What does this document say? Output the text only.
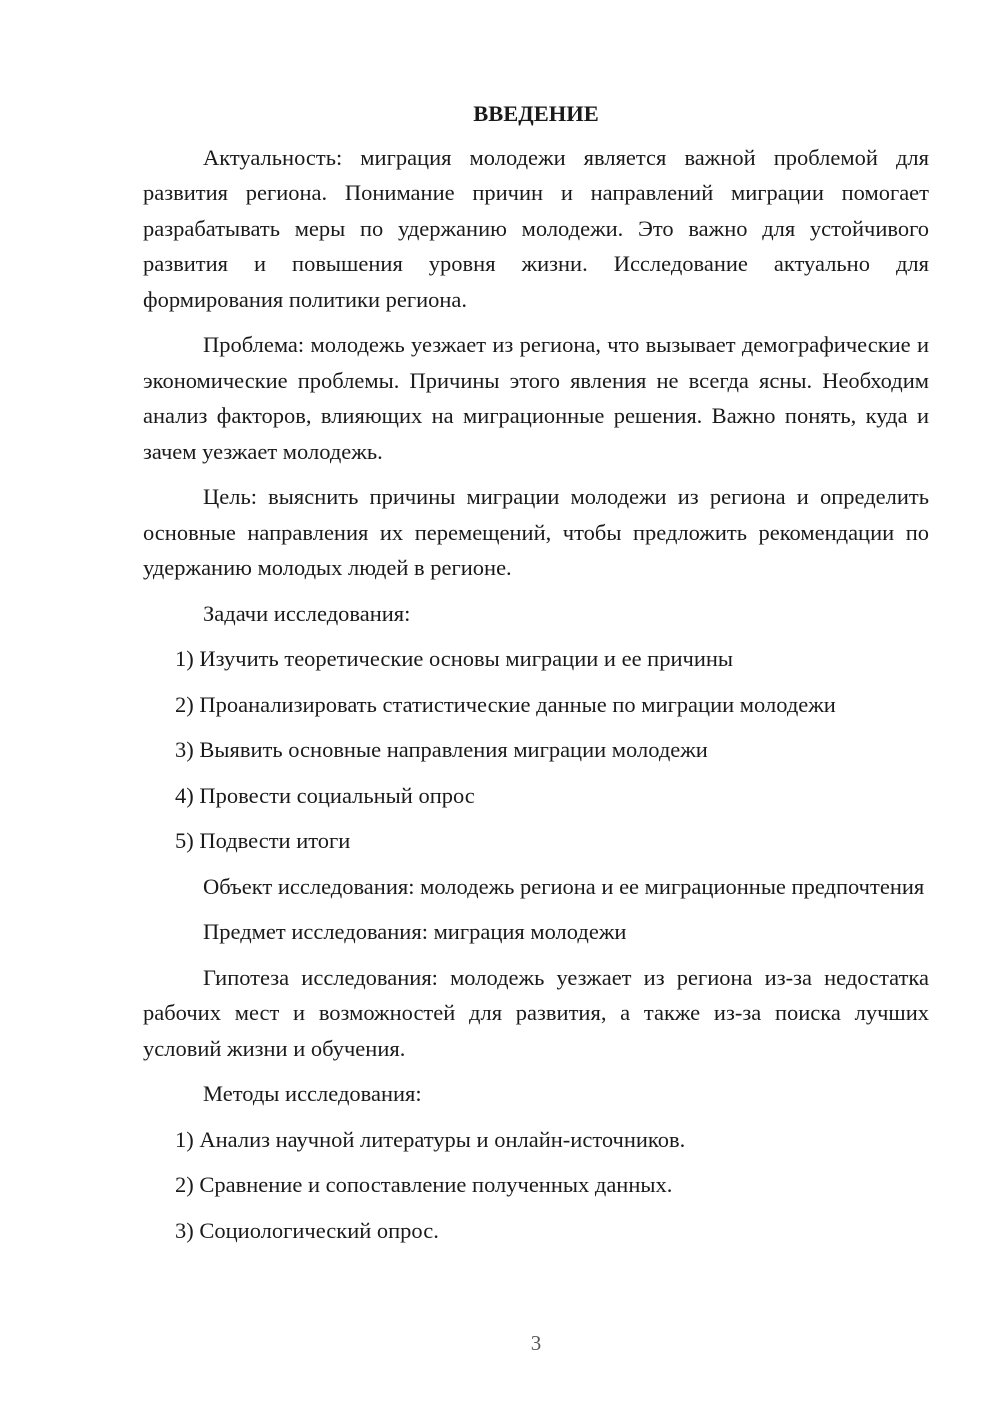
ВВЕДЕНИЕ

Актуальность: миграция молодежи является важной проблемой для развития региона. Понимание причин и направлений миграции помогает разрабатывать меры по удержанию молодежи. Это важно для устойчивого развития и повышения уровня жизни. Исследование актуально для формирования политики региона.

Проблема: молодежь уезжает из региона, что вызывает демографические и экономические проблемы. Причины этого явления не всегда ясны. Необходим анализ факторов, влияющих на миграционные решения. Важно понять, куда и зачем уезжает молодежь.

Цель: выяснить причины миграции молодежи из региона и определить основные направления их перемещений, чтобы предложить рекомендации по удержанию молодых людей в регионе.

Задачи исследования:

1) Изучить теоретические основы миграции и ее причины

2) Проанализировать статистические данные по миграции молодежи

3) Выявить основные направления миграции молодежи

4) Провести социальный опрос

5) Подвести итоги

Объект исследования: молодежь региона и ее миграционные предпочтения

Предмет исследования: миграция молодежи

Гипотеза исследования: молодежь уезжает из региона из-за недостатка рабочих мест и возможностей для развития, а также из-за поиска лучших условий жизни и обучения.

Методы исследования:

1) Анализ научной литературы и онлайн-источников.

2) Сравнение и сопоставление полученных данных.

3) Социологический опрос.

3
